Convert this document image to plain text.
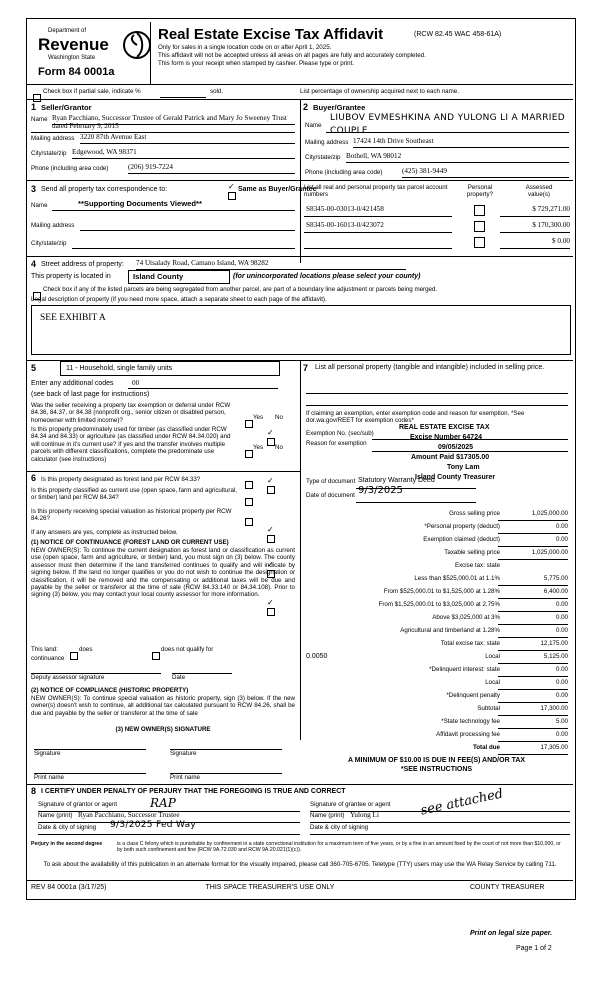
Department of
Revenue
Washington State
Form 84 0001a
Real Estate Excise Tax Affidavit	(RCW 82.45 WAC 458-61A)
Only for sales in a single location code on or after April 1, 2025.
This affidavit will not be accepted unless all areas on all pages are fully and accurately completed.
This form is your receipt when stamped by cashier. Please type or print.
Check box if partial sale, indicate %	sold.	List percentage of ownership acquired next to each name.
1 Seller/Grantor
Name Ryan Pacchiano, Successor Trustee of Gerald Patrick and Mary Jo Sweeney Trust dated February 9, 2015
Mailing address 3220 87th Avenue East
City/state/zip Edgewood, WA 98371
Phone (including area code)	(206) 919-7224
2 Buyer/Grantee
Name
LIUBOV EVMESHKINA AND YULONG LI A MARRIED COUPLE
Mailing address 17424 14th Drive Southeast
City/state/zip Bothell, WA 98012
Phone (including area code)	(425) 381-9449
3 Send all property tax correspondence to: ✓	Same as Buyer/Grantee
Name	**Supporting Documents Viewed**
Mailing address
City/state/zip
List all real and personal property tax parcel account numbers
Personal
property?
Assessed
value(s)
S8345-00-03013-0/421458	$ 729,271.00
S8345-00-16013-0/423072	$ 170,300.00
$ 0.00
4 Street address of property: 74 Utsalady Road, Camano Island, WA 98282
This property is located in	Island County	(for unincorporated locations please select your county)
Check box if any of the listed parcels are being segregated from another parcel, are part of a boundary line adjustment or parcels being merged.
Legal description of property (if you need more space, attach a separate sheet to each page of the affidavit).
SEE EXHIBIT A
5	11 - Household, single family units
Enter any additional codes	00
(see back of last page for instructions)
Was the seller receiving a property tax exemption or deferral under RCW 84.36, 84.37, or 84.38 (nonprofit org., senior citizen or disabled person, homeowner with limited income)?	Yes
✓ No
Is this property predominately used for timber (as classified under RCW 84.34 and 84.33) or agriculture (as classified under RCW 84.34.020) and will continue in it's current use? If yes and the transfer involves multiple parcels with different classifications, complete the predominate use calculator (see instructions)
Yes
✓ No
6 Is this property designated as forest land per RCW 84.33?
✓
Is this property classified as current use (open space, farm and agricultural, or timber) land per RCW 84.34?
✓
Is this property receiving special valuation as historical property per RCW 84.26?
✓
If any answers are yes, complete as instructed below.
(1) NOTICE OF CONTINUANCE (FOREST LAND OR CURRENT USE)
NEW OWNER(S): To continue the current designation as forest land or classification as current use (open space, farm and agriculture, or timber) land, you must sign on (3) below. The county assessor must then determine if the land transferred continues to qualify and will indicate by signing below. If the land no longer qualifies or you do not wish to continue the designation or classification, it will be removed and the compensating or additional taxes will be due and payable by the seller or transferor at the time of sale (RCW 84.33.140 or 84.34.108). Prior to signing (3) below, you may contact your local county assessor for more information.
This land:	does	does not qualify for
continuance
Deputy assessor signature	Date
(2) NOTICE OF COMPLIANCE (HISTORIC PROPERTY)
NEW OWNER(S): To continue special valuation as historic property, sign (3) below. If the new owner(s) doesn't wish to continue, all additional tax calculated pursuant to RCW 84.26, shall be due and payable by the seller or transferor at the time of sale
(3) NEW OWNER(S) SIGNATURE
Signature	Signature
Print name	Print name
7 List all personal property (tangible and intangible) included in selling price.
If claiming an exemption, enter exemption code and reason for exemption. *See dor.wa.gov/REET for exemption codes*
Exemption No. (sec/sub)
Reason for exemption
REAL ESTATE EXCISE TAX
Excise Number 64724
09/05/2025
Amount Paid $17305.00
Tony Lam
Island County Treasurer
Type of document Statutory Warranty Deed
Date of document 9/3/2025
Gross selling price	1,025,000.00
*Personal property (deduct)	0.00
Exemption claimed (deduct)	0.00
Taxable selling price	1,025,000.00
Excise tax: state
Less than $525,000.01 at 1.1%	5,775.00
From $525,000.01 to $1,525,000 at 1.28%	6,400.00
From $1,525,000.01 to $3,025,000 at 2.75%	0.00
Above $3,025,000 at 3%	0.00
Agricultural and timberland at 1.28%	0.00
Total excise tax: state	12,175.00
0.0050	Local	5,125.00
*Delinquent interest: state	0.00
Local	0.00
*Delinquent penalty	0.00
Subtotal	17,300.00
*State technology fee	5.00
Affidavit processing fee	0.00
Total due	17,305.00
A MINIMUM OF $10.00 IS DUE IN FEE(S) AND/OR TAX
*SEE INSTRUCTIONS
8 I CERTIFY UNDER PENALTY OF PERJURY THAT THE FOREGOING IS TRUE AND CORRECT
Signature of grantor or agent	RAP
Name (print) Ryan Pacchiano, Successor Trustee
Date & city of signing 9/3/2025 Fed Way
Signature of grantee or agent see attached
Name (print) Yulong Li
Date & city of signing
Perjury in the second degree	is a class C felony which is punishable by confinement in a state correctional institution for a maximum term of five years, or by a fine in an amount fixed by the court of not more than $10,000, or by both such confinement and fine (RCW 9A.72.030 and RCW 9A.20.021(1)(c)).
To ask about the availability of this publication in an alternate format for the visually impaired, please call 360-705-6705. Teletype (TTY) users may use the WA Relay Service by calling 711.
REV 84 0001a (3/17/25)	THIS SPACE TREASURER'S USE ONLY	COUNTY TREASURER
Print on legal size paper.
Page 1 of 2
